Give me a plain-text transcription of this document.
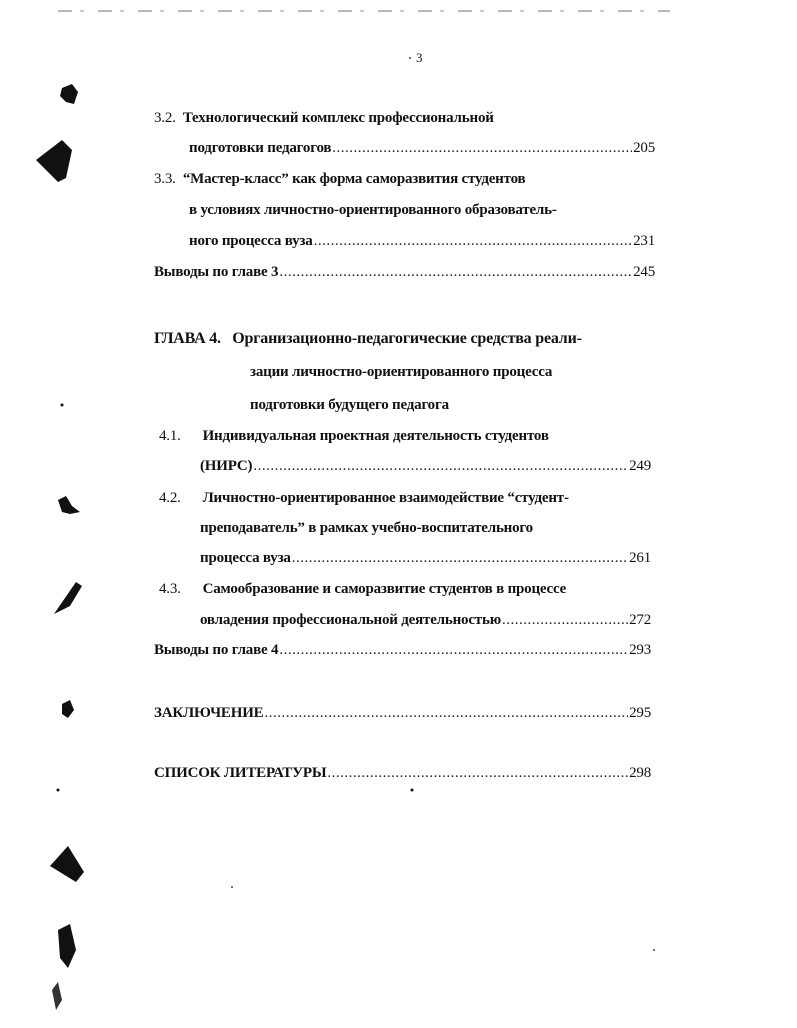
3
3.2. Технологический комплекс профессиональной
подготовки педагогов .....	205
3.3. “Мастер-класс” как форма саморазвития студентов
в условиях личностно-ориентированного образователь-
ного процесса вуза .....	231
Выводы по главе 3 .....	245
ГЛАВА 4. Организационно-педагогические средства реали-
зации личностно-ориентированного процесса
подготовки будущего педагога
4.1. Индивидуальная проектная деятельность студентов
(НИРС) .....	249
4.2. Личностно-ориентированное взаимодействие “студент-
преподаватель” в рамках учебно-воспитательного
процесса вуза .....	261
4.3. Самообразование и саморазвитие студентов в процессе
овладения профессиональной деятельностью .....	272
Выводы по главе 4 .....	293
ЗАКЛЮЧЕНИЕ .....	295
СПИСОК ЛИТЕРАТУРЫ .....	298
